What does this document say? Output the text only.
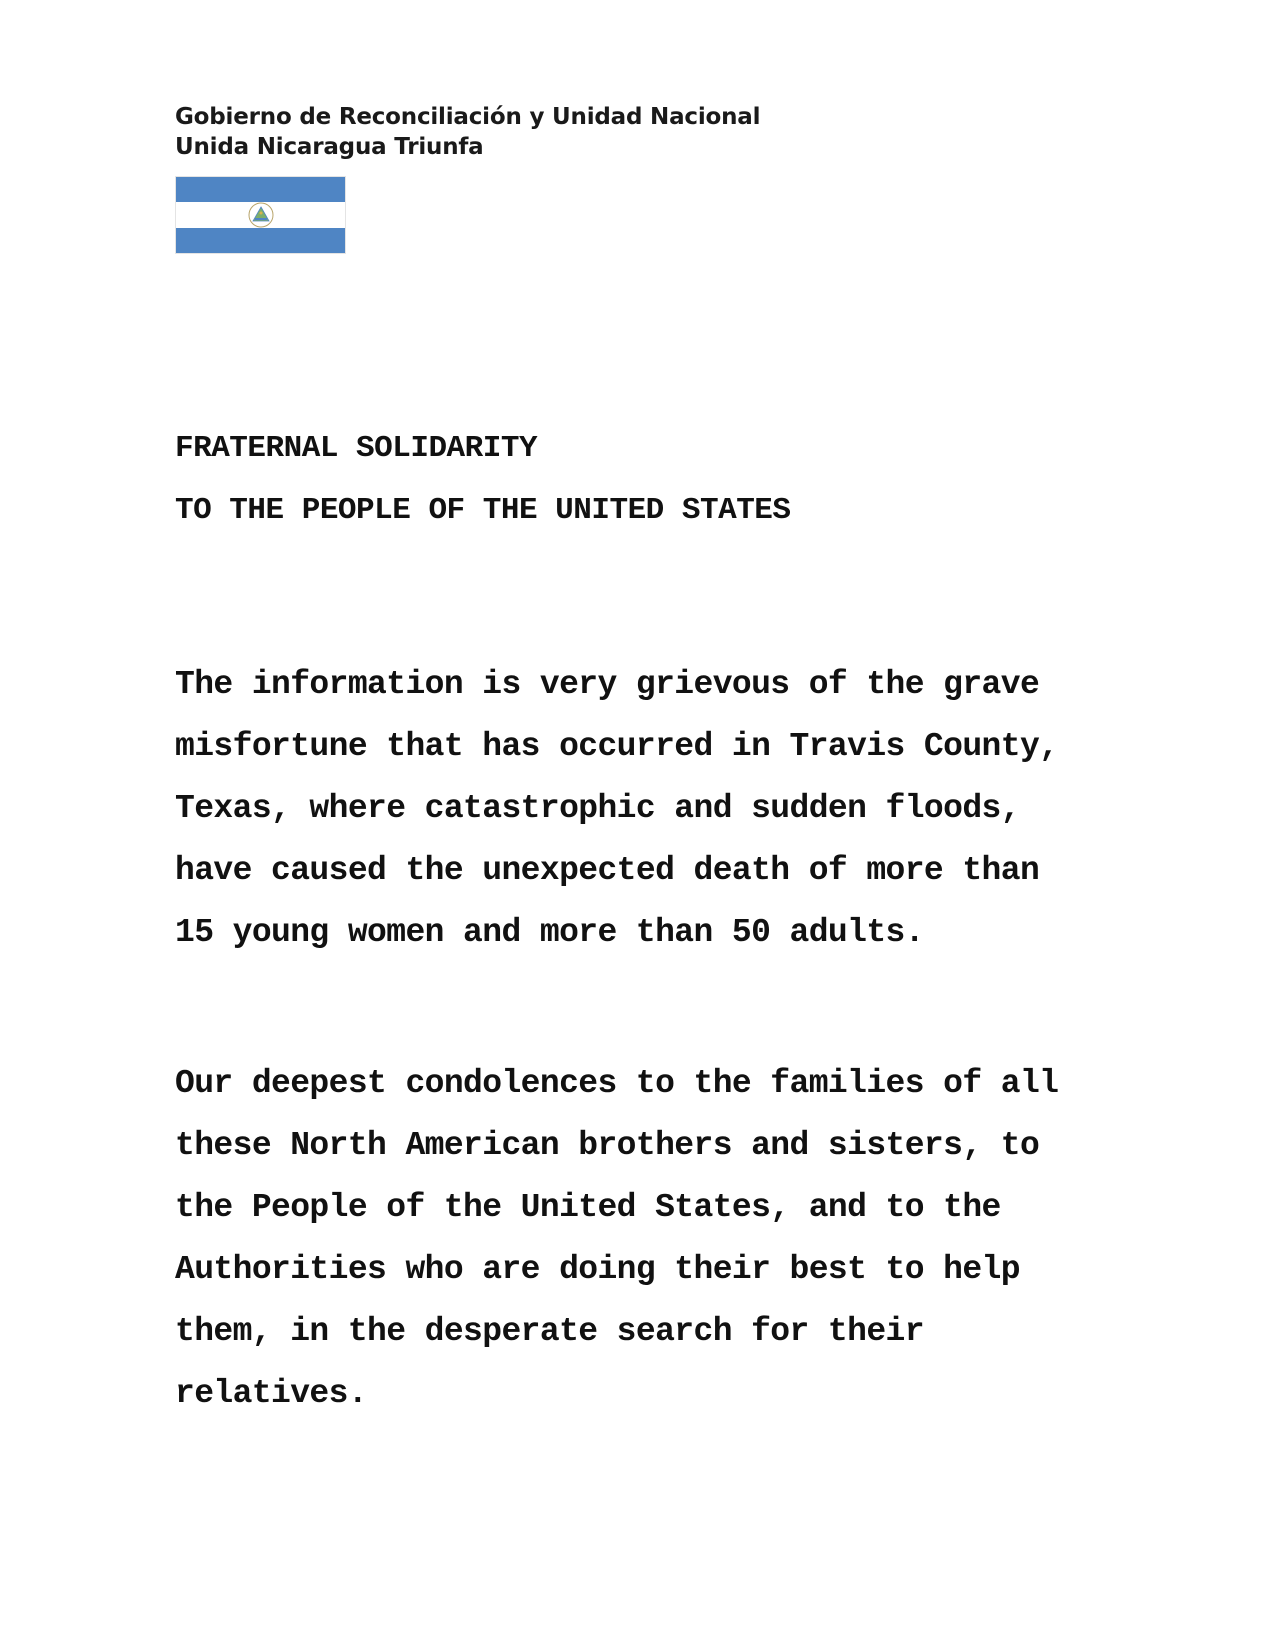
Gobierno de Reconciliación y Unidad Nacional
Unida Nicaragua Triunfa
FRATERNAL SOLIDARITY
TO THE PEOPLE OF THE UNITED STATES
The information is very grievous of the grave
misfortune that has occurred in Travis County,
Texas, where catastrophic and sudden floods,
have caused the unexpected death of more than
15 young women and more than 50 adults.
Our deepest condolences to the families of all
these North American brothers and sisters, to
the People of the United States, and to the
Authorities who are doing their best to help
them, in the desperate search for their
relatives.
